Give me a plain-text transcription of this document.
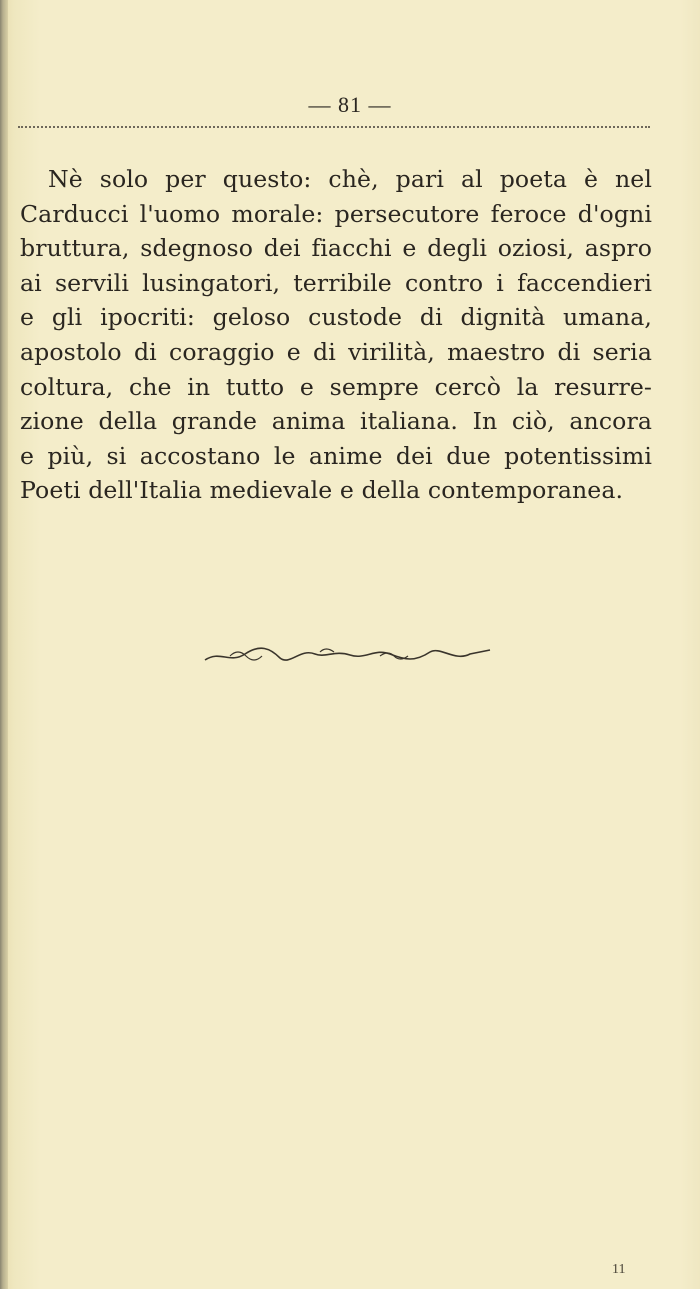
— 81 —
Nè solo per questo: chè, pari al poeta è nel
Carducci l'uomo morale: persecutore feroce d'ogni
bruttura, sdegnoso dei fiacchi e degli oziosi, aspro
ai servili lusingatori, terribile contro i faccendieri
e gli ipocriti: geloso custode di dignità umana,
apostolo di coraggio e di virilità, maestro di seria
coltura, che in tutto e sempre cercò la resurre-
zione della grande anima italiana. In ciò, ancora
e più, si accostano le anime dei due potentissimi
Poeti dell'Italia medievale e della contemporanea.
11
